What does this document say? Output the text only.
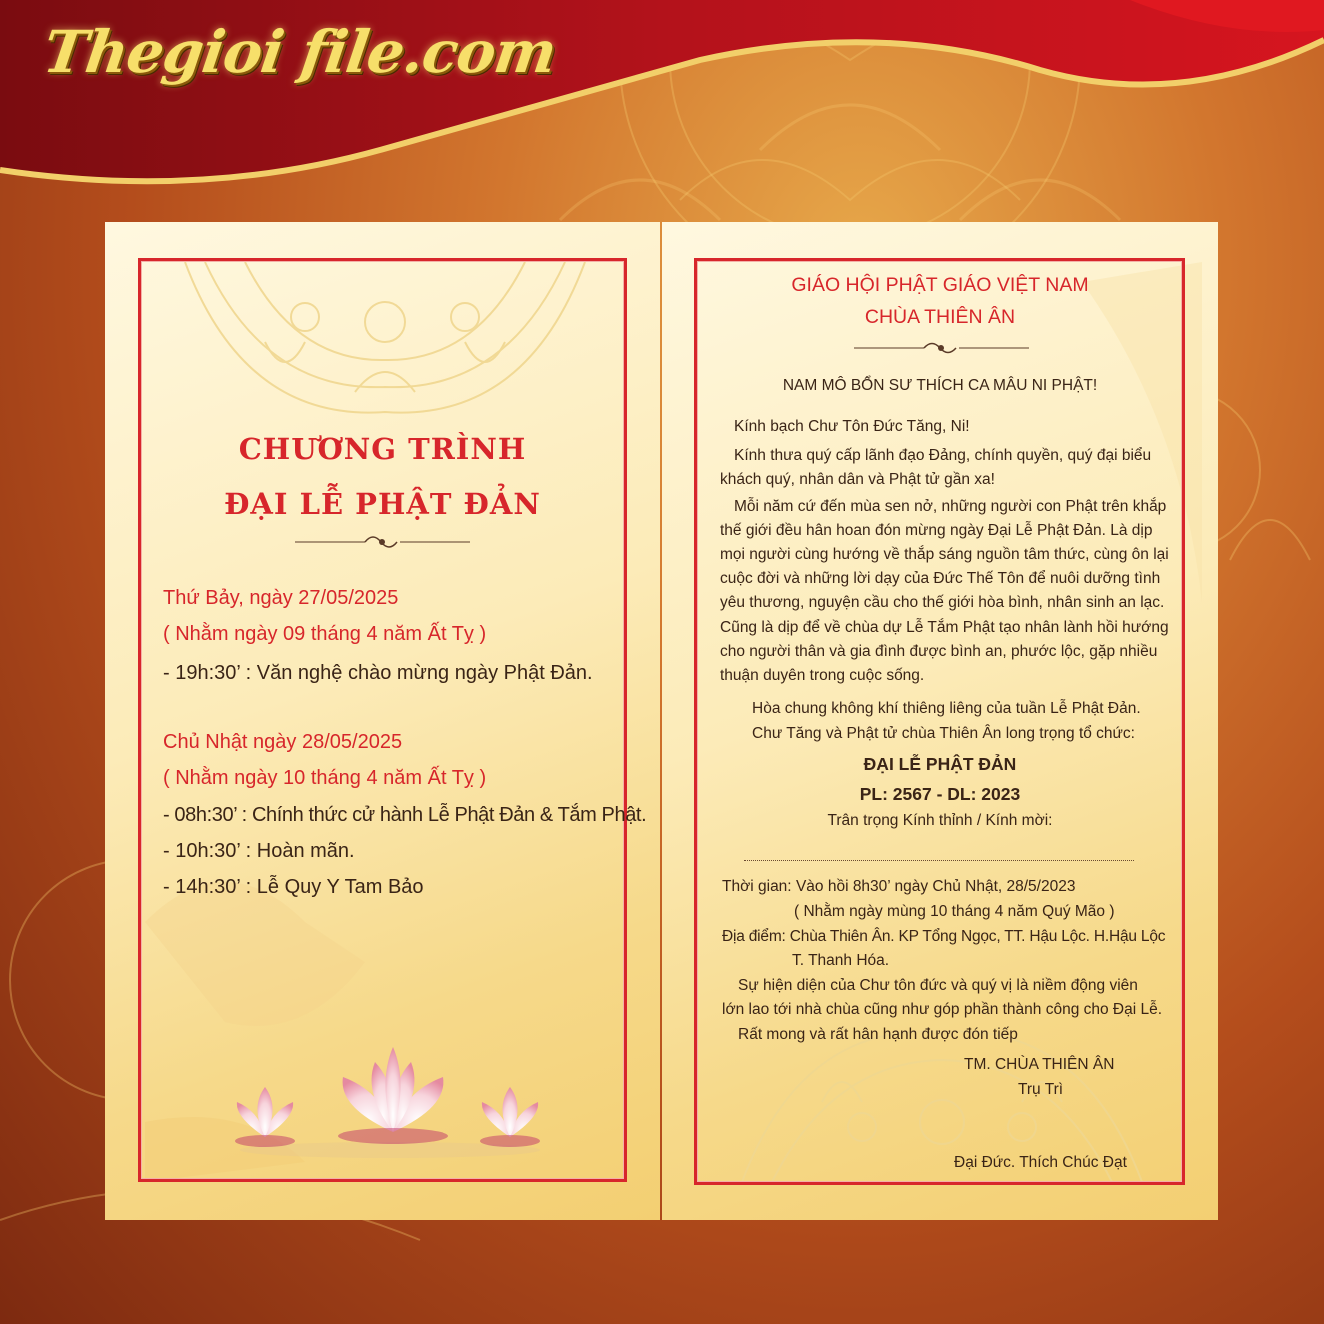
Thegioi file.com
CHƯƠNG TRÌNH
ĐẠI LỄ PHẬT ĐẢN
Thứ Bảy, ngày 27/05/2025
( Nhằm ngày 09 tháng 4 năm Ất Tỵ )
- 19h:30’ : Văn nghệ chào mừng ngày Phật Đản.
Chủ Nhật ngày 28/05/2025
( Nhằm ngày 10 tháng 4 năm Ất Tỵ )
- 08h:30’ : Chính thức cử hành Lễ Phật Đản & Tắm Phật.
- 10h:30’ : Hoàn mãn.
- 14h:30’ : Lễ Quy Y Tam Bảo
GIÁO HỘI PHẬT GIÁO VIỆT NAM
CHÙA THIÊN ÂN
NAM MÔ BỔN SƯ THÍCH CA MÂU NI PHẬT!
Kính bạch Chư Tôn Đức Tăng, Ni!
Kính thưa quý cấp lãnh đạo Đảng, chính quyền, quý đại biểu
khách quý, nhân dân và Phật tử gần xa!
Mỗi năm cứ đến mùa sen nở, những người con Phật trên khắp
thế giới đều hân hoan đón mừng ngày Đại Lễ Phật Đản. Là dịp
mọi người cùng hướng về thắp sáng nguồn tâm thức, cùng ôn lại
cuộc đời và những lời dạy của Đức Thế Tôn để nuôi dưỡng tình
yêu thương, nguyện cầu cho thế giới hòa bình, nhân sinh an lạc.
Cũng là dịp để về chùa dự Lễ Tắm Phật tạo nhân lành hồi hướng
cho người thân và gia đình được bình an, phước lộc, gặp nhiều
thuận duyên trong cuộc sống.
Hòa chung không khí thiêng liêng của tuần Lễ Phật Đản.
Chư Tăng và Phật tử chùa Thiên Ân long trọng tổ chức:
ĐẠI LỄ PHẬT ĐẢN
PL: 2567 - DL: 2023
Trân trọng Kính thỉnh / Kính mời:
Thời gian: Vào hồi 8h30’ ngày Chủ Nhật, 28/5/2023
( Nhằm ngày mùng 10 tháng 4 năm Quý Mão )
Địa điểm: Chùa Thiên Ân. KP Tổng Ngọc, TT. Hậu Lộc. H.Hậu Lộc
T. Thanh Hóa.
Sự hiện diện của Chư tôn đức và quý vị là niềm động viên
lớn lao tới nhà chùa cũng như góp phần thành công cho Đại Lễ.
Rất mong và rất hân hạnh được đón tiếp
TM. CHÙA THIÊN ÂN
Trụ Trì
Đại Đức. Thích Chúc Đạt
